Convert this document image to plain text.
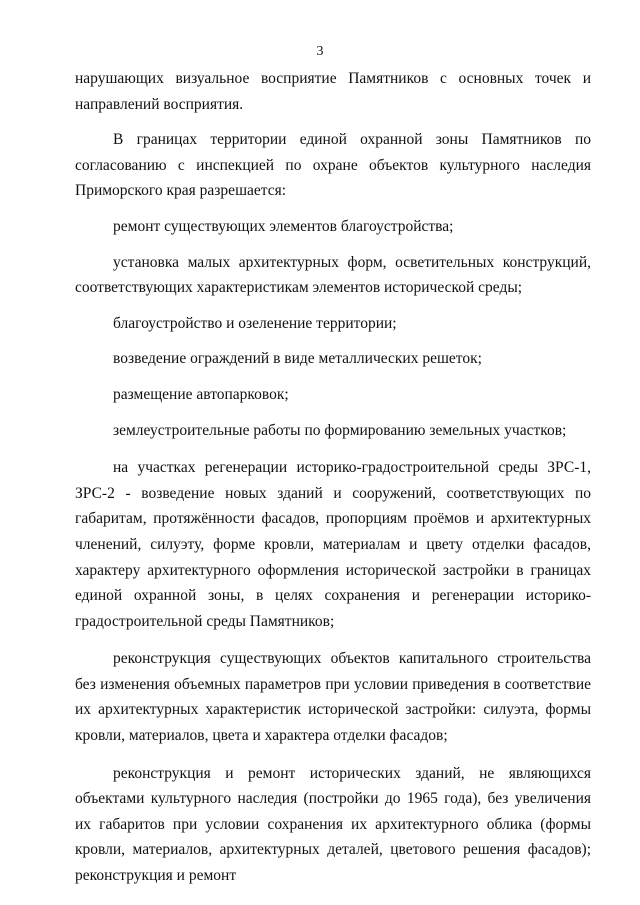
3

нарушающих визуальное восприятие Памятников с основных точек и направлений восприятия.

В границах территории единой охранной зоны Памятников по согласованию с инспекцией по охране объектов культурного наследия Приморского края разрешается:

ремонт существующих элементов благоустройства;

установка малых архитектурных форм, осветительных конструкций, соответствующих характеристикам элементов исторической среды;

благоустройство и озеленение территории;

возведение ограждений в виде металлических решеток;

размещение автопарковок;

землеустроительные работы по формированию земельных участков;

на участках регенерации историко-градостроительной среды ЗРС-1, ЗРС-2 - возведение новых зданий и сооружений, соответствующих по габаритам, протяжённости фасадов, пропорциям проёмов и архитектурных членений, силуэту, форме кровли, материалам и цвету отделки фасадов, характеру архитектурного оформления исторической застройки в границах единой охранной зоны, в целях сохранения и регенерации историко-градостроительной среды Памятников;

реконструкция существующих объектов капитального строительства без изменения объемных параметров при условии приведения в соответствие их архитектурных характеристик исторической застройки: силуэта, формы кровли, материалов, цвета и характера отделки фасадов;

реконструкция и ремонт исторических зданий, не являющихся объектами культурного наследия (постройки до 1965 года), без увеличения их габаритов при условии сохранения их архитектурного облика (формы кровли, материалов, архитектурных деталей, цветового решения фасадов); реконструкция и ремонт
